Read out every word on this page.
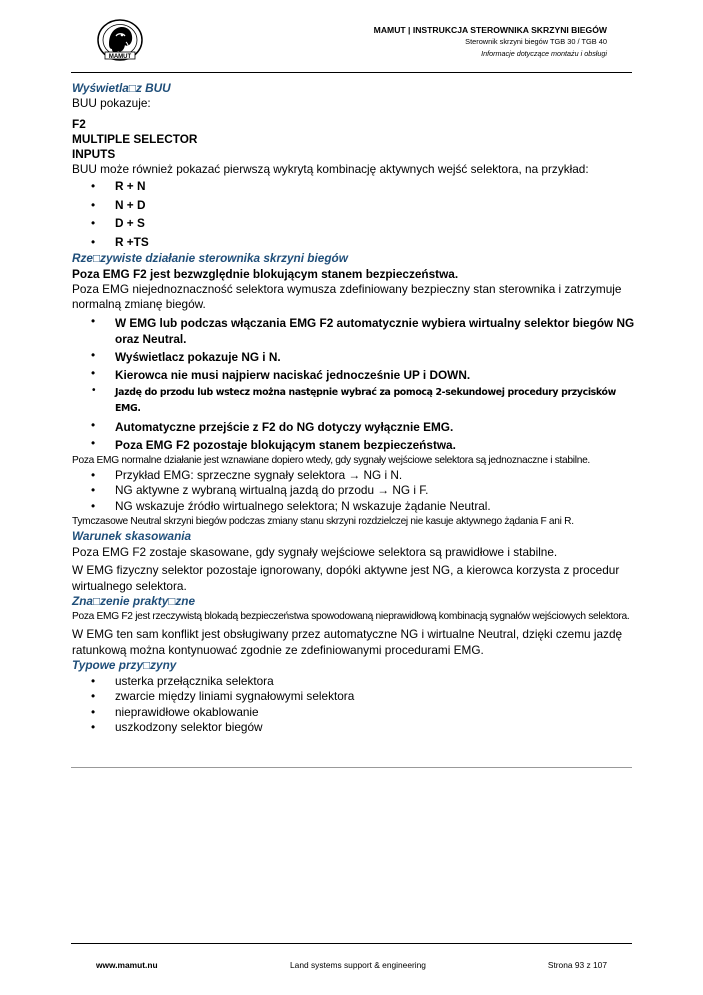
MAMUT
MAMUT | INSTRUKCJA STEROWNIKA SKRZYNI BIEGÓW
Sterownik skrzyni biegów TGB 30 / TGB 40
Informacje dotyczące montażu i obsługi

Wyświetla□z BUU

BUU pokazuje:

F2

MULTIPLE SELECTOR

INPUTS

BUU może również pokazać pierwszą wykrytą kombinację aktywnych wejść selektora, na przykład:

• R + N
• N + D
• D + S
• R +TS

Rze□zywiste działanie sterownika skrzyni biegów

Poza EMG F2 jest bezwzględnie blokującym stanem bezpieczeństwa.

Poza EMG niejednoznaczność selektora wymusza zdefiniowany bezpieczny stan sterownika i zatrzymuje normalną zmianę biegów.

• W EMG lub podczas włączania EMG F2 automatycznie wybiera wirtualny selektor biegów NG oraz Neutral.
• Wyświetlacz pokazuje NG i N.
• Kierowca nie musi najpierw naciskać jednocześnie UP i DOWN.
• Jazdę do przodu lub wstecz można następnie wybrać za pomocą 2-sekundowej procedury przycisków EMG.
• Automatyczne przejście z F2 do NG dotyczy wyłącznie EMG.
• Poza EMG F2 pozostaje blokującym stanem bezpieczeństwa.

Poza EMG normalne działanie jest wznawiane dopiero wtedy, gdy sygnały wejściowe selektora są jednoznaczne i stabilne.

• Przykład EMG: sprzeczne sygnały selektora → NG i N.
• NG aktywne z wybraną wirtualną jazdą do przodu → NG i F.
• NG wskazuje źródło wirtualnego selektora; N wskazuje żądanie Neutral.

Tymczasowe Neutral skrzyni biegów podczas zmiany stanu skrzyni rozdzielczej nie kasuje aktywnego żądania F ani R.

Warunek skasowania

Poza EMG F2 zostaje skasowane, gdy sygnały wejściowe selektora są prawidłowe i stabilne.

W EMG fizyczny selektor pozostaje ignorowany, dopóki aktywne jest NG, a kierowca korzysta z procedur wirtualnego selektora.

Zna□zenie prakty□zne

Poza EMG F2 jest rzeczywistą blokadą bezpieczeństwa spowodowaną nieprawidłową kombinacją sygnałów wejściowych selektora.

W EMG ten sam konflikt jest obsługiwany przez automatyczne NG i wirtualne Neutral, dzięki czemu jazdę ratunkową można kontynuować zgodnie ze zdefiniowanymi procedurami EMG.

Typowe przy□zyny

• usterka przełącznika selektora
• zwarcie między liniami sygnałowymi selektora
• nieprawidłowe okablowanie
• uszkodzony selektor biegów
www.mamut.nu	Land systems support & engineering	Strona 93 z 107
